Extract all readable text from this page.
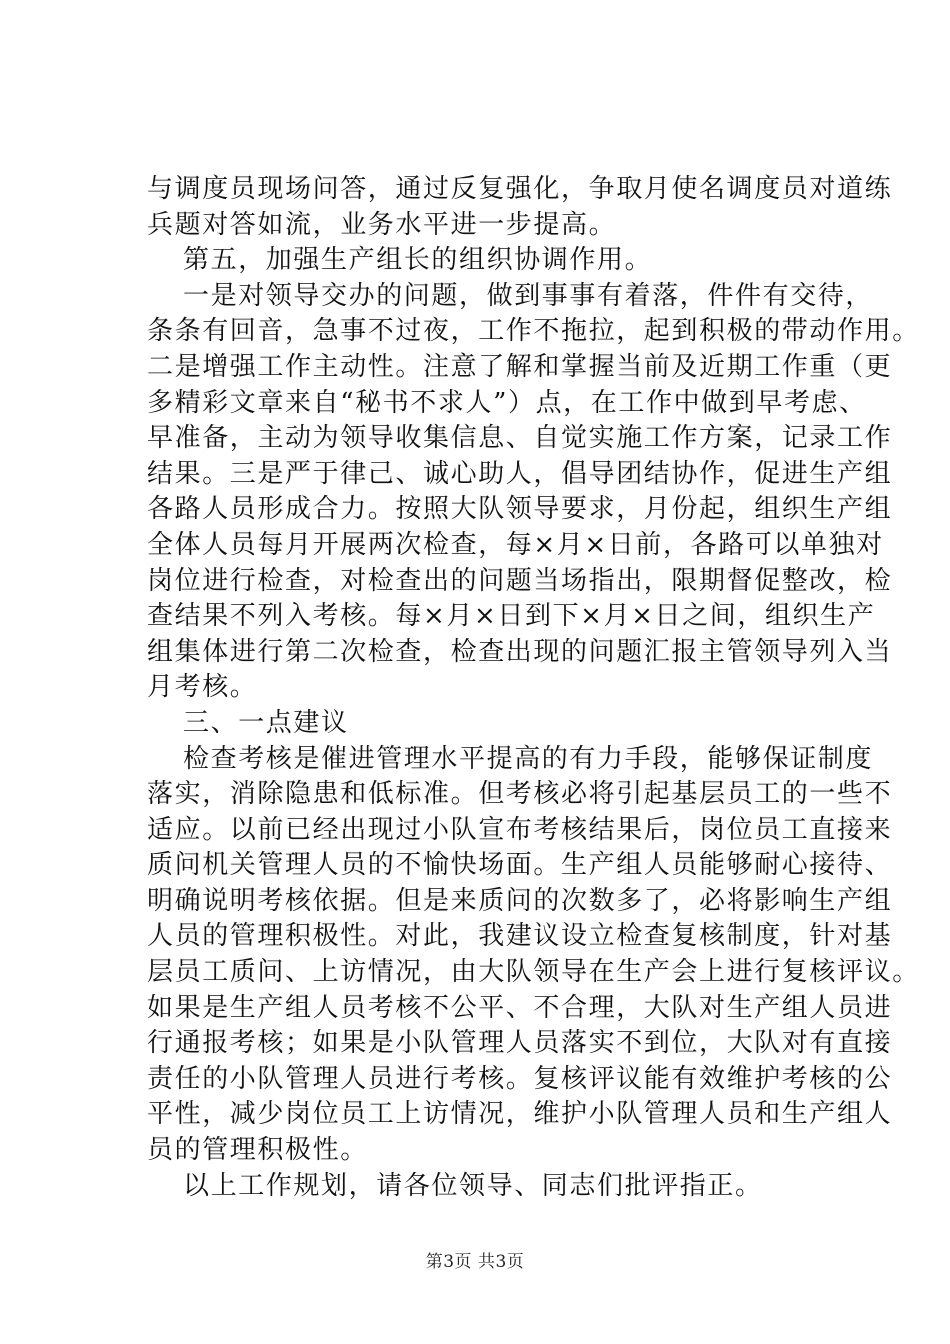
与调度员现场问答，通过反复强化，争取月使名调度员对道练
兵题对答如流，业务水平进一步提高。
第五，加强生产组长的组织协调作用。
一是对领导交办的问题，做到事事有着落，件件有交待，
条条有回音，急事不过夜，工作不拖拉，起到积极的带动作用。
二是增强工作主动性。注意了解和掌握当前及近期工作重（更
多精彩文章来自“秘书不求人”）点，在工作中做到早考虑、
早准备，主动为领导收集信息、自觉实施工作方案，记录工作
结果。三是严于律己、诚心助人，倡导团结协作，促进生产组
各路人员形成合力。按照大队领导要求，月份起，组织生产组
全体人员每月开展两次检查，每×月×日前，各路可以单独对
岗位进行检查，对检查出的问题当场指出，限期督促整改，检
查结果不列入考核。每×月×日到下×月×日之间，组织生产
组集体进行第二次检查，检查出现的问题汇报主管领导列入当
月考核。
三、一点建议
检查考核是催进管理水平提高的有力手段，能够保证制度
落实，消除隐患和低标准。但考核必将引起基层员工的一些不
适应。以前已经出现过小队宣布考核结果后，岗位员工直接来
质问机关管理人员的不愉快场面。生产组人员能够耐心接待、
明确说明考核依据。但是来质问的次数多了，必将影响生产组
人员的管理积极性。对此，我建议设立检查复核制度，针对基
层员工质问、上访情况，由大队领导在生产会上进行复核评议。
如果是生产组人员考核不公平、不合理，大队对生产组人员进
行通报考核；如果是小队管理人员落实不到位，大队对有直接
责任的小队管理人员进行考核。复核评议能有效维护考核的公
平性，减少岗位员工上访情况，维护小队管理人员和生产组人
员的管理积极性。
以上工作规划，请各位领导、同志们批评指正。
第3页 共3页
